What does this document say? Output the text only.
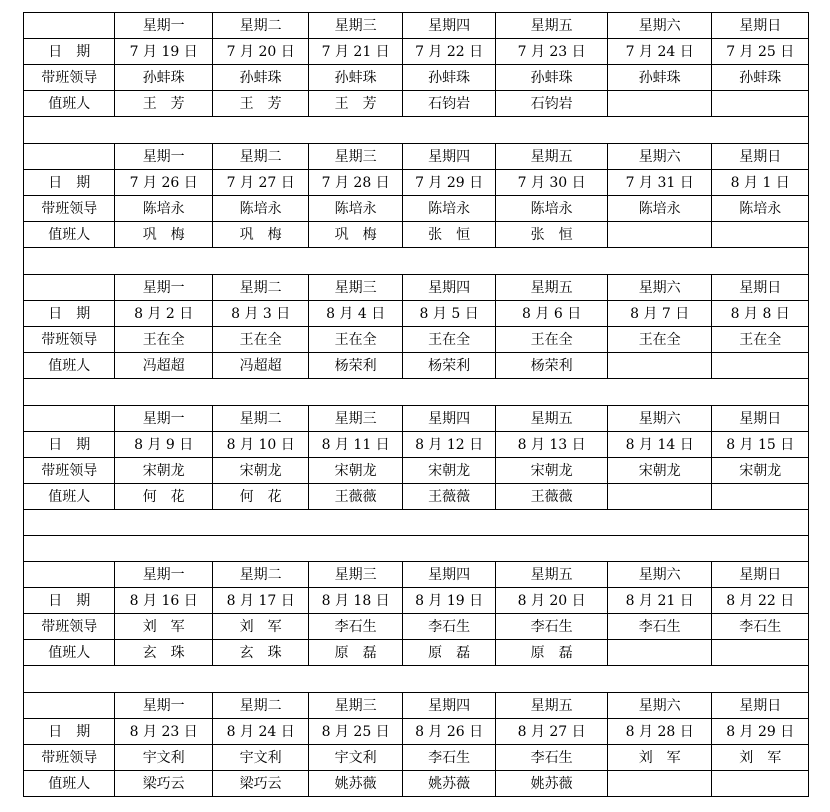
	星期一	星期二	星期三	星期四	星期五	星期六	星期日
日　期	7 月 19 日	7 月 20 日	7 月 21 日	7 月 22 日	7 月 23 日	7 月 24 日	7 月 25 日
带班领导	孙蚌珠	孙蚌珠	孙蚌珠	孙蚌珠	孙蚌珠	孙蚌珠	孙蚌珠
值班人	王　芳	王　芳	王　芳	石钧岩	石钧岩		

	星期一	星期二	星期三	星期四	星期五	星期六	星期日
日　期	7 月 26 日	7 月 27 日	7 月 28 日	7 月 29 日	7 月 30 日	7 月 31 日	8 月 1 日
带班领导	陈培永	陈培永	陈培永	陈培永	陈培永	陈培永	陈培永
值班人	巩　梅	巩　梅	巩　梅	张　恒	张　恒		

	星期一	星期二	星期三	星期四	星期五	星期六	星期日
日　期	8 月 2 日	8 月 3 日	8 月 4 日	8 月 5 日	8 月 6 日	8 月 7 日	8 月 8 日
带班领导	王在全	王在全	王在全	王在全	王在全	王在全	王在全
值班人	冯超超	冯超超	杨荣利	杨荣利	杨荣利		

	星期一	星期二	星期三	星期四	星期五	星期六	星期日
日　期	8 月 9 日	8 月 10 日	8 月 11 日	8 月 12 日	8 月 13 日	8 月 14 日	8 月 15 日
带班领导	宋朝龙	宋朝龙	宋朝龙	宋朝龙	宋朝龙	宋朝龙	宋朝龙
值班人	何　花	何　花	王薇薇	王薇薇	王薇薇		

	星期一	星期二	星期三	星期四	星期五	星期六	星期日
日　期	8 月 16 日	8 月 17 日	8 月 18 日	8 月 19 日	8 月 20 日	8 月 21 日	8 月 22 日
带班领导	刘　军	刘　军	李石生	李石生	李石生	李石生	李石生
值班人	玄　珠	玄　珠	原　磊	原　磊	原　磊		

	星期一	星期二	星期三	星期四	星期五	星期六	星期日
日　期	8 月 23 日	8 月 24 日	8 月 25 日	8 月 26 日	8 月 27 日	8 月 28 日	8 月 29 日
带班领导	宇文利	宇文利	宇文利	李石生	李石生	刘　军	刘　军
值班人	梁巧云	梁巧云	姚苏薇	姚苏薇	姚苏薇		
